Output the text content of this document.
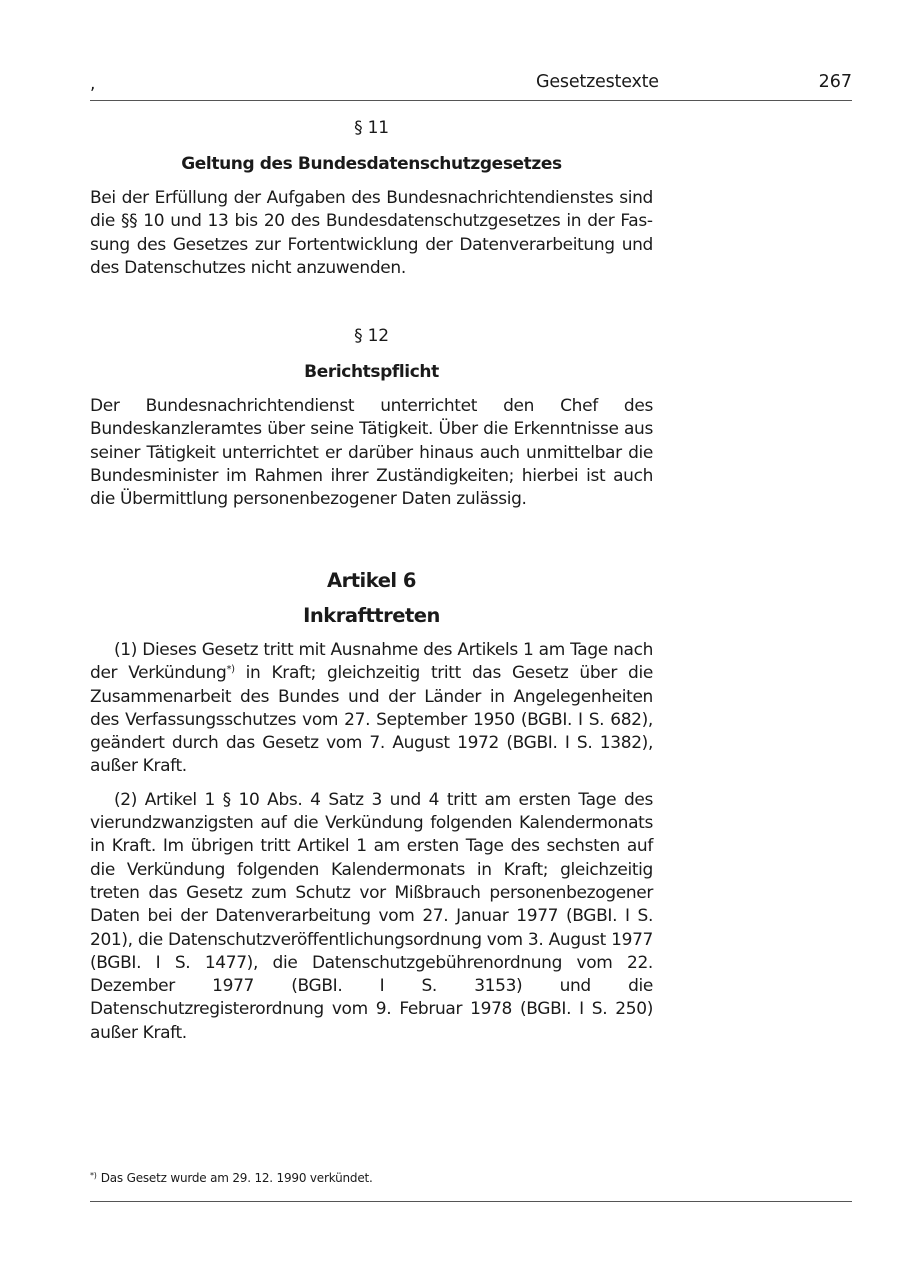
,	Gesetzestexte	267
§ 11
Geltung des Bundesdatenschutzgesetzes
Bei der Erfüllung der Aufgaben des Bundesnachrichtendienstes sind die §§ 10 und 13 bis 20 des Bundesdatenschutzgesetzes in der Fassung des Gesetzes zur Fortentwicklung der Datenverarbeitung und des Datenschutzes nicht anzuwenden.
§ 12
Berichtspflicht
Der Bundesnachrichtendienst unterrichtet den Chef des Bundeskanzleramtes über seine Tätigkeit. Über die Erkenntnisse aus seiner Tätigkeit unterrichtet er darüber hinaus auch unmittelbar die Bundesminister im Rahmen ihrer Zuständigkeiten; hierbei ist auch die Übermittlung personenbezogener Daten zulässig.
Artikel 6
Inkrafttreten
(1) Dieses Gesetz tritt mit Ausnahme des Artikels 1 am Tage nach der Verkündung*) in Kraft; gleichzeitig tritt das Gesetz über die Zusammenarbeit des Bundes und der Länder in Angelegenheiten des Verfassungsschutzes vom 27. September 1950 (BGBI. I S. 682), geändert durch das Gesetz vom 7. August 1972 (BGBI. I S. 1382), außer Kraft.
(2) Artikel 1 § 10 Abs. 4 Satz 3 und 4 tritt am ersten Tage des vierundzwanzigsten auf die Verkündung folgenden Kalendermonats in Kraft. Im übrigen tritt Artikel 1 am ersten Tage des sechsten auf die Verkündung folgenden Kalendermonats in Kraft; gleichzeitig treten das Gesetz zum Schutz vor Mißbrauch personenbezogener Daten bei der Datenverarbeitung vom 27. Januar 1977 (BGBI. I S. 201), die Datenschutzveröffentlichungsordnung vom 3. August 1977 (BGBI. I S. 1477), die Datenschutzgebührenordnung vom 22. Dezember 1977 (BGBI. I S. 3153) und die Datenschutzregisterordnung vom 9. Februar 1978 (BGBI. I S. 250) außer Kraft.
*) Das Gesetz wurde am 29. 12. 1990 verkündet.
